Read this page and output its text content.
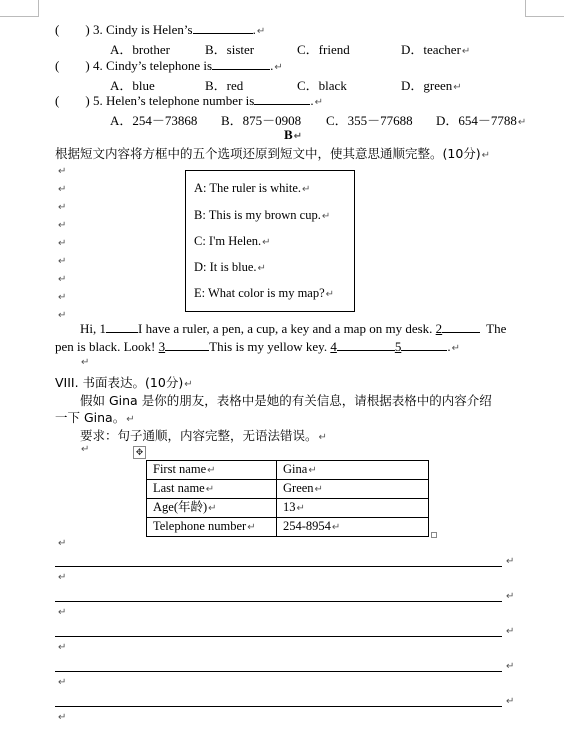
( ) 3. Cindy is Helen’s	.↵
A．brother	B．sister	C．friend	D．teacher↵
( ) 4. Cindy’s telephone is	.↵
A．blue	B．red	C．black	D．green↵
( ) 5. Helen’s telephone number is	.↵
A．254－73868 B．875－0908 C．355－77688 D．654－7788↵
B↵
根据短文内容将方框中的五个选项还原到短文中，使其意思通顺完整。(10分)↵
↵
↵
↵
↵
↵
↵
↵
↵
↵
A: The ruler is white.↵
B: This is my brown cup.↵
C: I'm Helen.↵
D: It is blue.↵
E: What color is my map?↵
Hi, 1 I have a ruler, a pen, a cup, a key and a map on my desk. 2	The
pen is black. Look! 3	This is my yellow key. 4	5	.↵
↵
VIII. 书面表达。(10分)↵
假如 Gina 是你的朋友，表格中是她的有关信息，请根据表格中的内容介绍
一下 Gina。↵
要求：句子通顺，内容完整，无语法错误。↵
↵	✥
First name↵	Gina↵
Last name↵	Green↵
Age(年龄)↵	13↵
Telephone number↵	254-8954↵
↵
↵
↵
↵
↵
↵
↵
↵
↵
↵
↵
